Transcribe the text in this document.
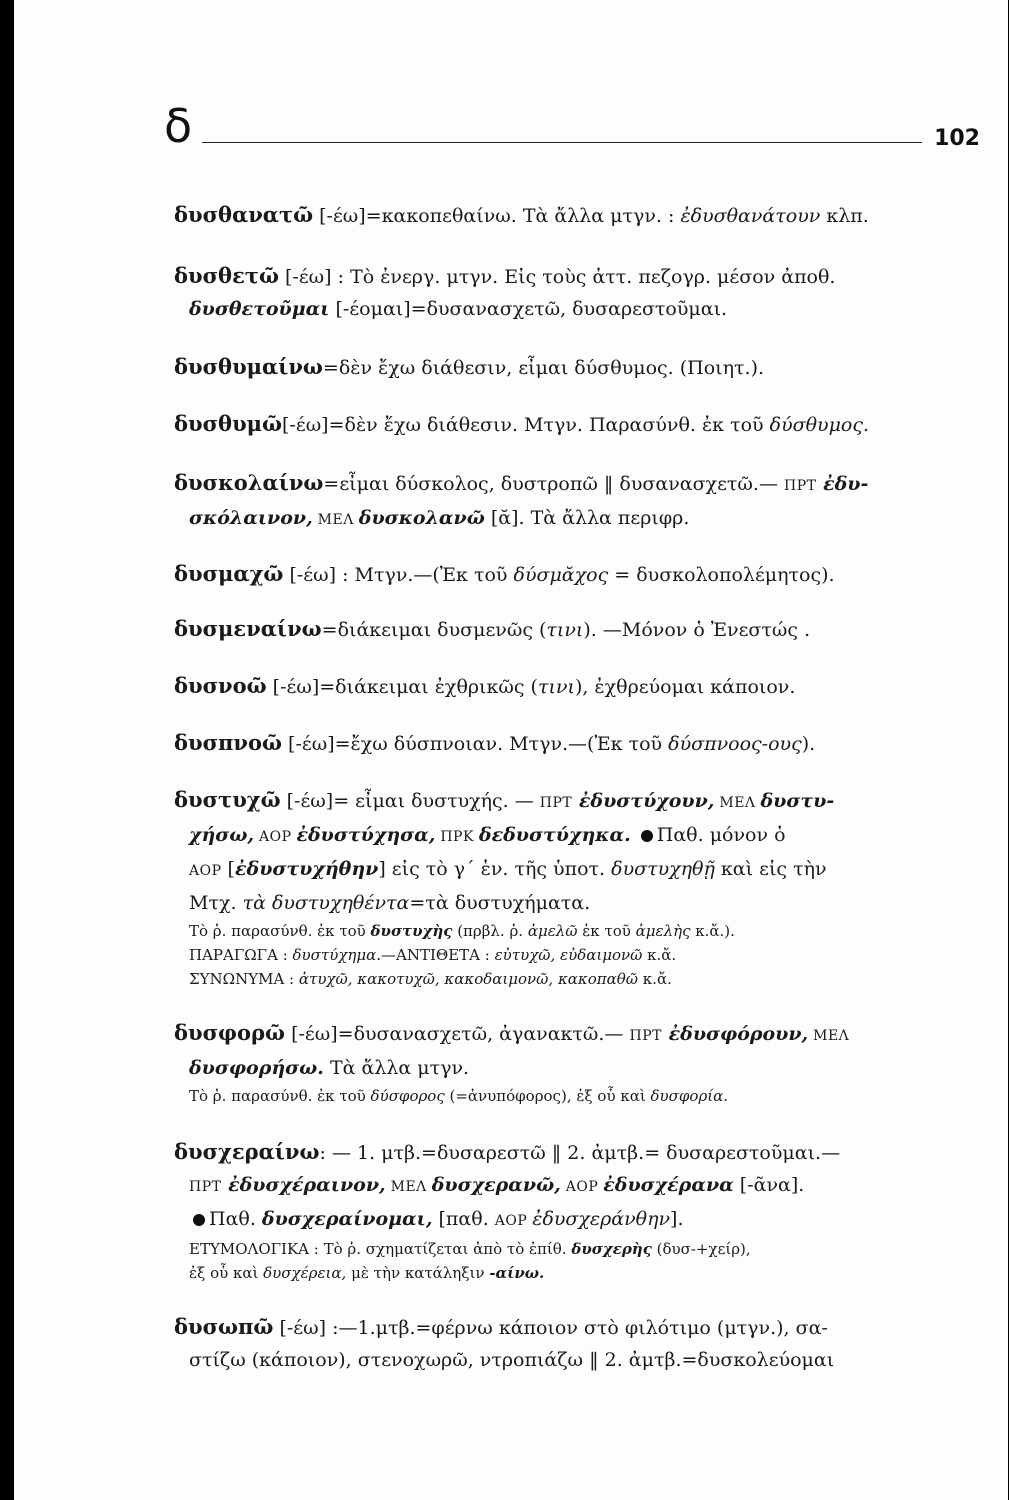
δ	102
δυσθανατῶ [-έω]=κακοπεθαίνω. Τὰ ἄλλα μτγν. : ἐδυσθανάτουν κλπ.
δυσθετῶ [-έω] : Τὸ ἐνεργ. μτγν. Εἰς τοὺς ἀττ. πεζογρ. μέσον ἀποθ.
δυσθετοῦμαι [-έομαι]=δυσανασχετῶ, δυσαρεστοῦμαι.
δυσθυμαίνω=δὲν ἔχω διάθεσιν, εἶμαι δύσθυμος. (Ποιητ.).
δυσθυμῶ[-έω]=δὲν ἔχω διάθεσιν. Μτγν. Παρασύνθ. ἐκ τοῦ δύσθυμος.
δυσκολαίνω=εἶμαι δύσκολος, δυστροπῶ ‖ δυσανασχετῶ.— ΠΡΤ ἐδυ-
σκόλαινον, ΜΕΛ δυσκολανῶ [ᾰ]. Τὰ ἄλλα περιφρ.
δυσμαχῶ [-έω] : Μτγν.—(Ἐκ τοῦ δύσμᾰχος = δυσκολοπολέμητος).
δυσμεναίνω=διάκειμαι δυσμενῶς (τινι). —Μόνον ὁ Ἐνεστώς .
δυσνοῶ [-έω]=διάκειμαι ἐχθρικῶς (τινι), ἐχθρεύομαι κάποιον.
δυσπνοῶ [-έω]=ἔχω δύσπνοιαν. Μτγν.—(Ἐκ τοῦ δύσπνοος-ους).
δυστυχῶ [-έω]= εἶμαι δυστυχής. — ΠΡΤ ἐδυστύχουν, ΜΕΛ δυστυ-
χήσω, ΑΟΡ ἐδυστύχησα, ΠΡΚ δεδυστύχηκα. Παθ. μόνον ὁ
ΑΟΡ [ἐδυστυχήθην] εἰς τὸ γ΄ ἑν. τῆς ὑποτ. δυστυχηθῇ καὶ εἰς τὴν
Μτχ. τὰ δυστυχηθέντα=τὰ δυστυχήματα.
Τὸ ῥ. παρασύνθ. ἐκ τοῦ δυστυχὴς (πρβλ. ῥ. ἀμελῶ ἐκ τοῦ ἀμελὴς κ.ἄ.).
ΠΑΡΑΓΩΓΑ : δυστύχημα.—ΑΝΤΙΘΕΤΑ : εὐτυχῶ, εὐδαιμονῶ κ.ἄ.
ΣΥΝΩΝΥΜΑ : ἀτυχῶ, κακοτυχῶ, κακοδαιμονῶ, κακοπαθῶ κ.ἄ.
δυσφορῶ [-έω]=δυσανασχετῶ, ἀγανακτῶ.— ΠΡΤ ἐδυσφόρουν, ΜΕΛ
δυσφορήσω. Τὰ ἄλλα μτγν.
Τὸ ῥ. παρασύνθ. ἐκ τοῦ δύσφορος (=ἀνυπόφορος), ἐξ οὗ καὶ δυσφορία.
δυσχεραίνω: — 1. μτβ.=δυσαρεστῶ ‖ 2. ἀμτβ.= δυσαρεστοῦμαι.—
ΠΡΤ ἐδυσχέραινον, ΜΕΛ δυσχερανῶ, ΑΟΡ ἐδυσχέρανα [-ᾶνα].
Παθ. δυσχεραίνομαι, [παθ. ΑΟΡ ἐδυσχεράνθην].
ΕΤΥΜΟΛΟΓΙΚΑ : Τὸ ῥ. σχηματίζεται ἀπὸ τὸ ἐπίθ. δυσχερὴς (δυσ-+χείρ),
ἐξ οὗ καὶ δυσχέρεια, μὲ τὴν κατάληξιν -αίνω.
δυσωπῶ [-έω] :—1.μτβ.=φέρνω κάποιον στὸ φιλότιμο (μτγν.), σα-
στίζω (κάποιον), στενοχωρῶ, ντροπιάζω ‖ 2. ἀμτβ.=δυσκολεύομαι
